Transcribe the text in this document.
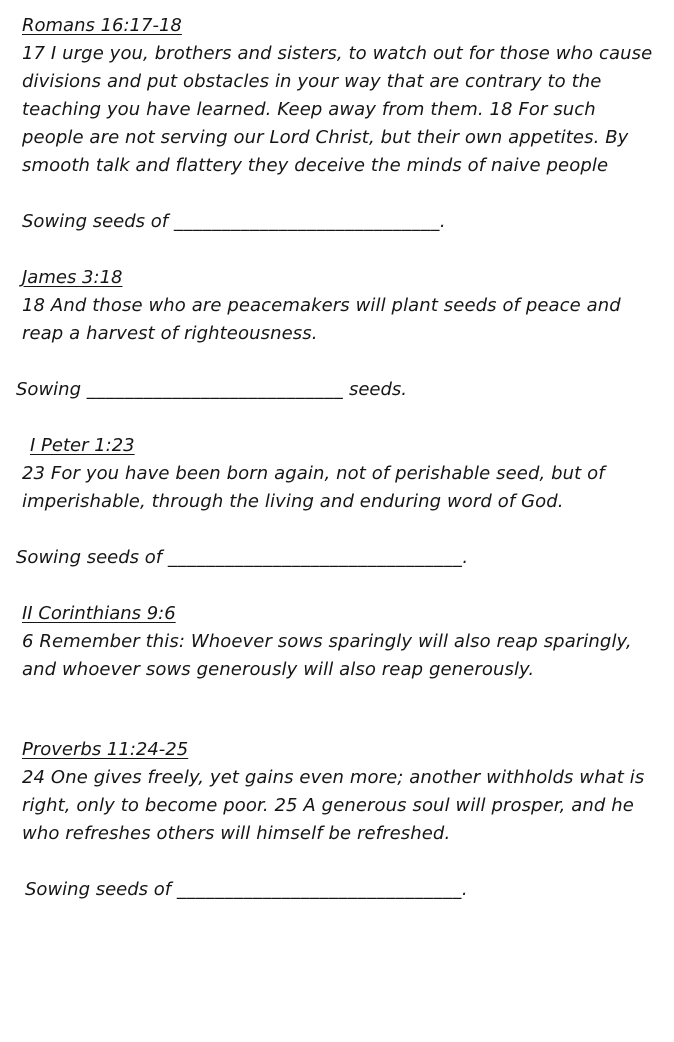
Romans 16:17-18

17 I urge you, brothers and sisters, to watch out for those who cause divisions and put obstacles in your way that are contrary to the teaching you have learned. Keep away from them. 18 For such people are not serving our Lord Christ, but their own appetites. By smooth talk and flattery they deceive the minds of naive people

Sowing seeds of ____________________________.

James 3:18

18 And those who are peacemakers will plant seeds of peace and reap a harvest of righteousness.

Sowing ___________________________ seeds.

I Peter 1:23

23 For you have been born again, not of perishable seed, but of imperishable, through the living and enduring word of God.

Sowing seeds of _______________________________.

II Corinthians 9:6

6 Remember this: Whoever sows sparingly will also reap sparingly, and whoever sows generously will also reap generously.

Proverbs 11:24-25

24 One gives freely, yet gains even more; another withholds what is right, only to become poor. 25 A generous soul will prosper, and he who refreshes others will himself be refreshed.

Sowing seeds of ______________________________.
